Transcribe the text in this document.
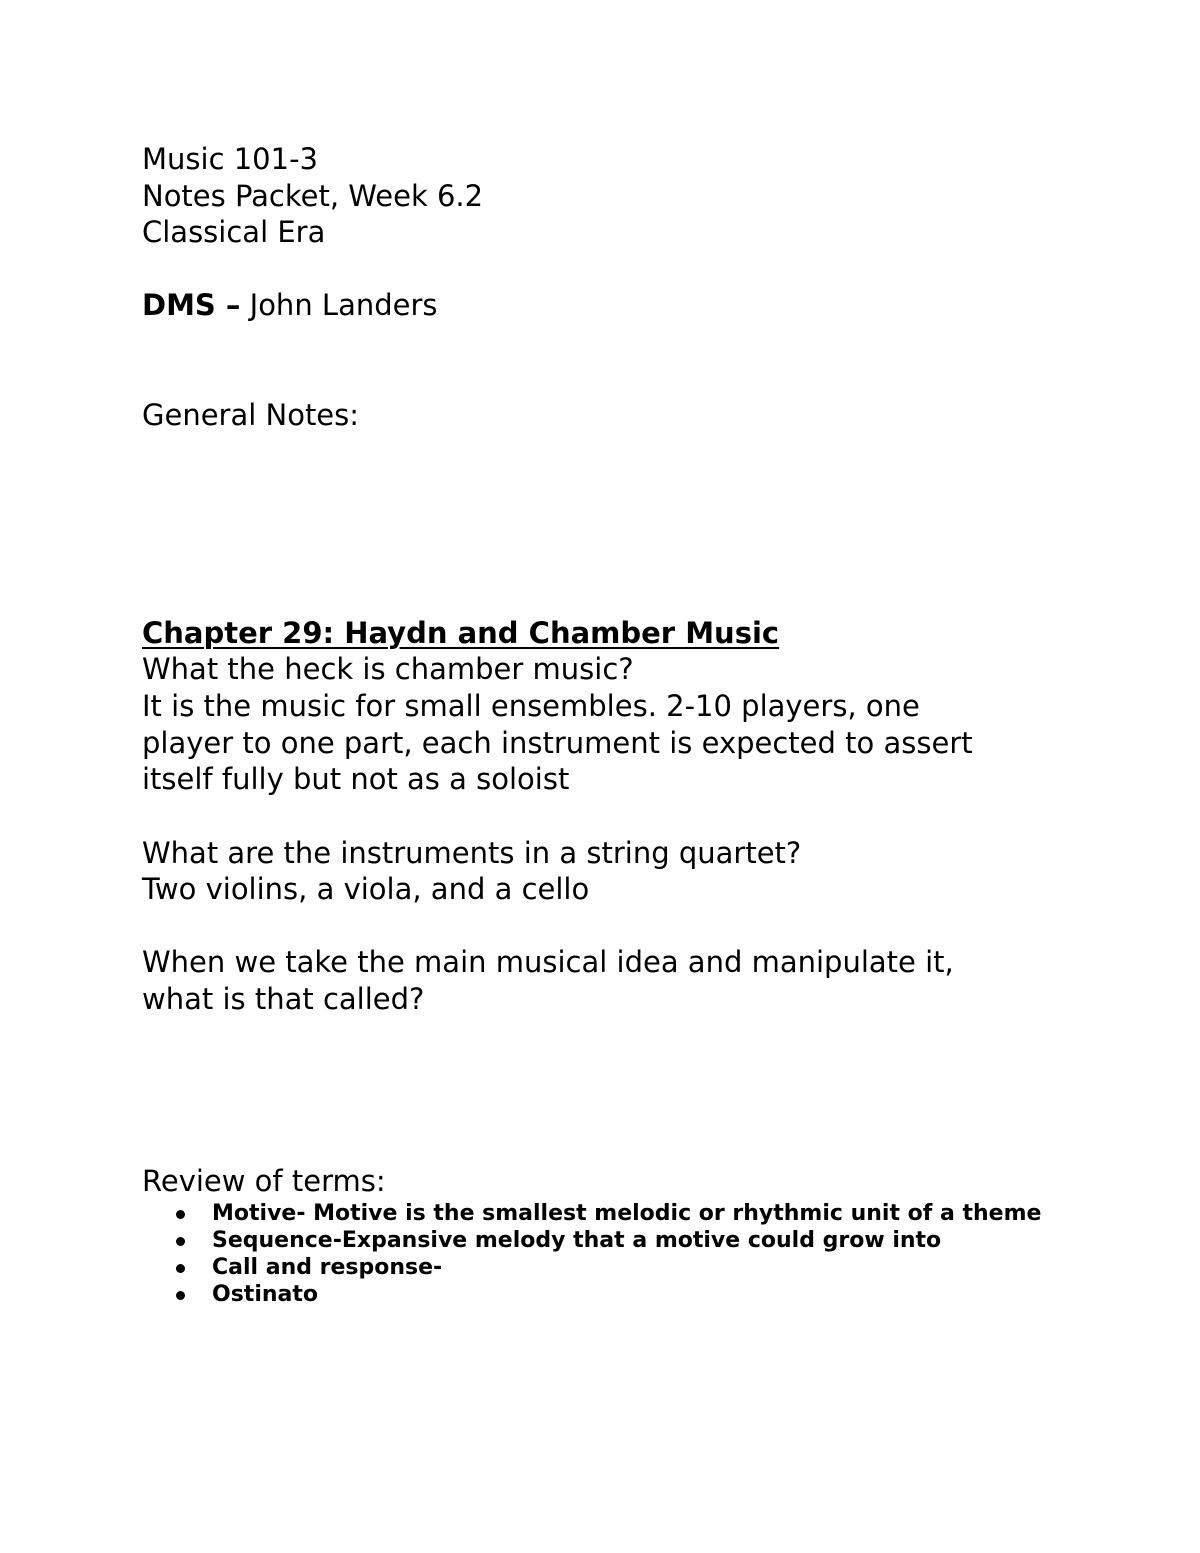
Music 101-3
Notes Packet, Week 6.2
Classical Era
DMS – John Landers
General Notes:
Chapter 29: Haydn and Chamber Music
What the heck is chamber music?
It is the music for small ensembles. 2-10 players, one
player to one part, each instrument is expected to assert
itself fully but not as a soloist
What are the instruments in a string quartet?
Two violins, a viola, and a cello
When we take the main musical idea and manipulate it,
what is that called?
Review of terms:
Motive- Motive is the smallest melodic or rhythmic unit of a theme
Sequence-Expansive melody that a motive could grow into
Call and response-
Ostinato
